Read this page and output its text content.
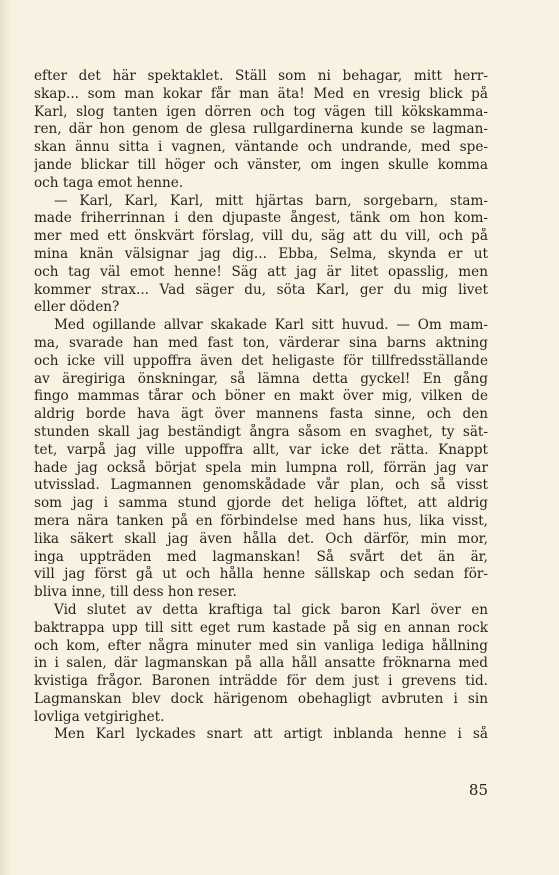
efter det här spektaklet. Ställ som ni behagar, mitt herr-

skap... som man kokar får man äta! Med en vresig blick på

Karl, slog tanten igen dörren och tog vägen till kökskamma-

ren, där hon genom de glesa rullgardinerna kunde se lagman-

skan ännu sitta i vagnen, väntande och undrande, med spe-

jande blickar till höger och vänster, om ingen skulle komma

och taga emot henne.

— Karl, Karl, Karl, mitt hjärtas barn, sorgebarn, stam-

made friherrinnan i den djupaste ångest, tänk om hon kom-

mer med ett önskvärt förslag, vill du, säg att du vill, och på

mina knän välsignar jag dig... Ebba, Selma, skynda er ut

och tag väl emot henne! Säg att jag är litet opasslig, men

kommer strax... Vad säger du, söta Karl, ger du mig livet

eller döden?

Med ogillande allvar skakade Karl sitt huvud. — Om mam-

ma, svarade han med fast ton, värderar sina barns aktning

och icke vill uppoffra även det heligaste för tillfredsställande

av äregiriga önskningar, så lämna detta gyckel! En gång

fingo mammas tårar och böner en makt över mig, vilken de

aldrig borde hava ägt över mannens fasta sinne, och den

stunden skall jag beständigt ångra såsom en svaghet, ty sät-

tet, varpå jag ville uppoffra allt, var icke det rätta. Knappt

hade jag också börjat spela min lumpna roll, förrän jag var

utvisslad. Lagmannen genomskådade vår plan, och så visst

som jag i samma stund gjorde det heliga löftet, att aldrig

mera nära tanken på en förbindelse med hans hus, lika visst,

lika säkert skall jag även hålla det. Och därför, min mor,

inga uppträden med lagmanskan! Så svårt det än är,

vill jag först gå ut och hålla henne sällskap och sedan för-

bliva inne, till dess hon reser.

Vid slutet av detta kraftiga tal gick baron Karl över en

baktrappa upp till sitt eget rum kastade på sig en annan rock

och kom, efter några minuter med sin vanliga lediga hållning

in i salen, där lagmanskan på alla håll ansatte fröknarna med

kvistiga frågor. Baronen inträdde för dem just i grevens tid.

Lagmanskan blev dock härigenom obehagligt avbruten i sin

lovliga vetgirighet.

Men Karl lyckades snart att artigt inblanda henne i så

85
